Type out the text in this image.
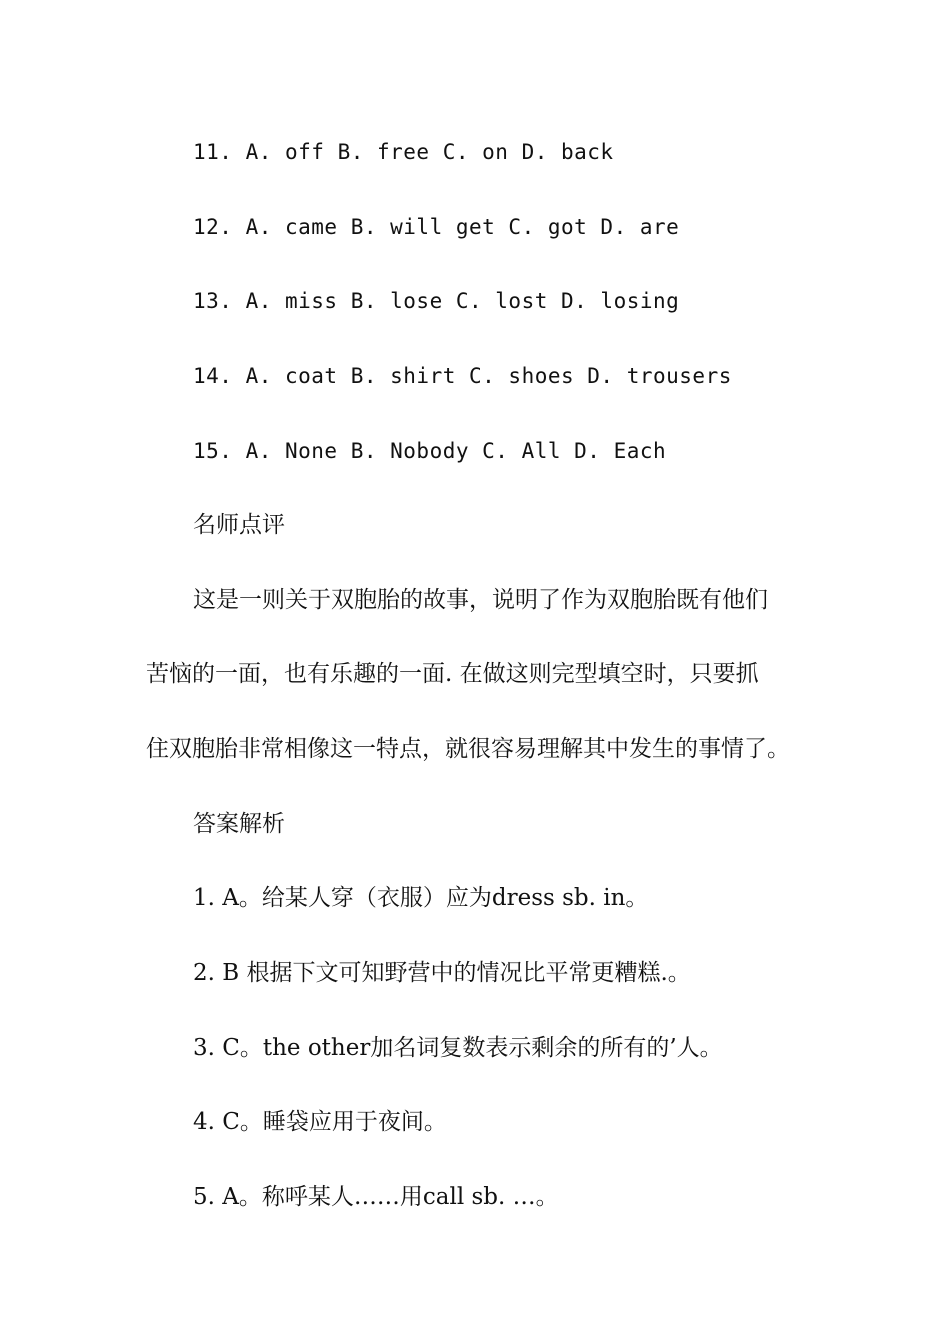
11. A. off B. free C. on D. back
12. A. came B. will get C. got D. are
13. A. miss B. lose C. lost D. losing
14. A. coat B. shirt C. shoes D. trousers
15. A. None B. Nobody C. All D. Each
名师点评
这是一则关于双胞胎的故事，说明了作为双胞胎既有他们
苦恼的一面，也有乐趣的一面. 在做这则完型填空时，只要抓
住双胞胎非常相像这一特点，就很容易理解其中发生的事情了。
答案解析
1. A。给某人穿（衣服）应为dress sb. in。
2. B 根据下文可知野营中的情况比平常更糟糕.。
3. C。the other加名词复数表示剩余的所有的’人。
4. C。睡袋应用于夜间。
5. A。称呼某人……用call sb. …。
